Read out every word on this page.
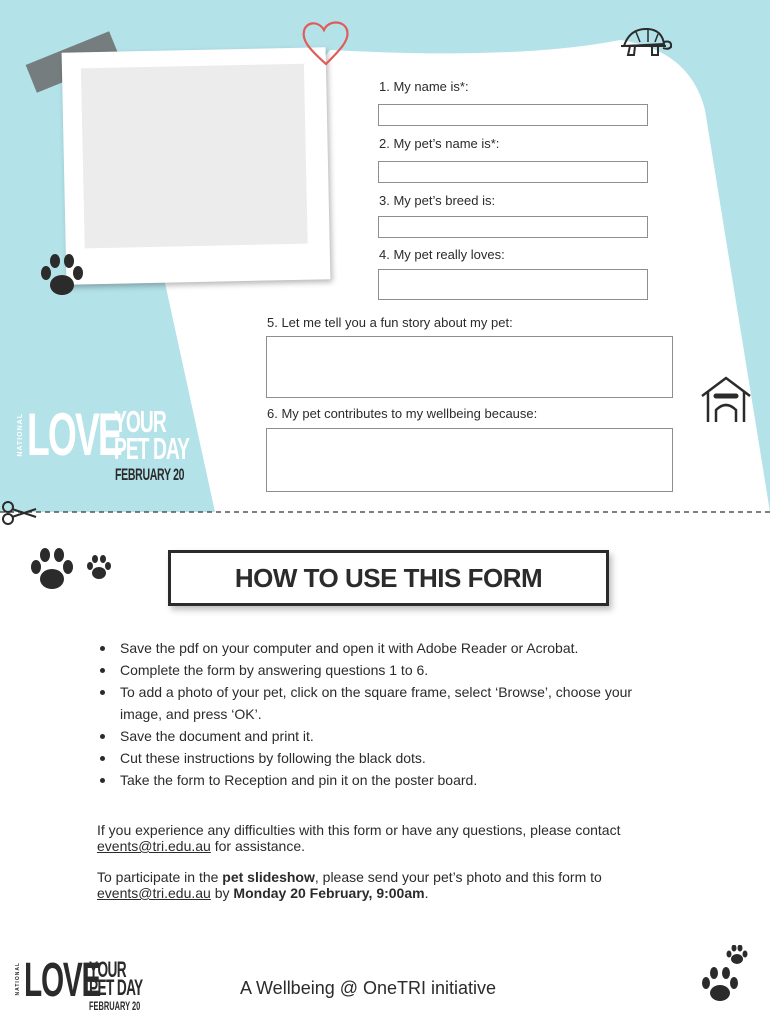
NATIONAL LOVE
YOUR
PET DAY
FEBRUARY 20
1. My name is*:
2. My pet’s name is*:
3. My pet’s breed is:
4. My pet really loves:
5. Let me tell you a fun story about my pet:
6. My pet contributes to my wellbeing because:
HOW TO USE THIS FORM
Save the pdf on your computer and open it with Adobe Reader or Acrobat.
Complete the form by answering questions 1 to 6.
To add a photo of your pet, click on the square frame, select ‘Browse’, choose your image, and press ‘OK’.
Save the document and print it.
Cut these instructions by following the black dots.
Take the form to Reception and pin it on the poster board.
If you experience any difficulties with this form or have any questions, please contact events@tri.edu.au for assistance.
To participate in the pet slideshow, please send your pet’s photo and this form to events@tri.edu.au by Monday 20 February, 9:00am.
NATIONAL LOVE
YOUR
PET DAY
FEBRUARY 20
A Wellbeing @ OneTRI initiative
